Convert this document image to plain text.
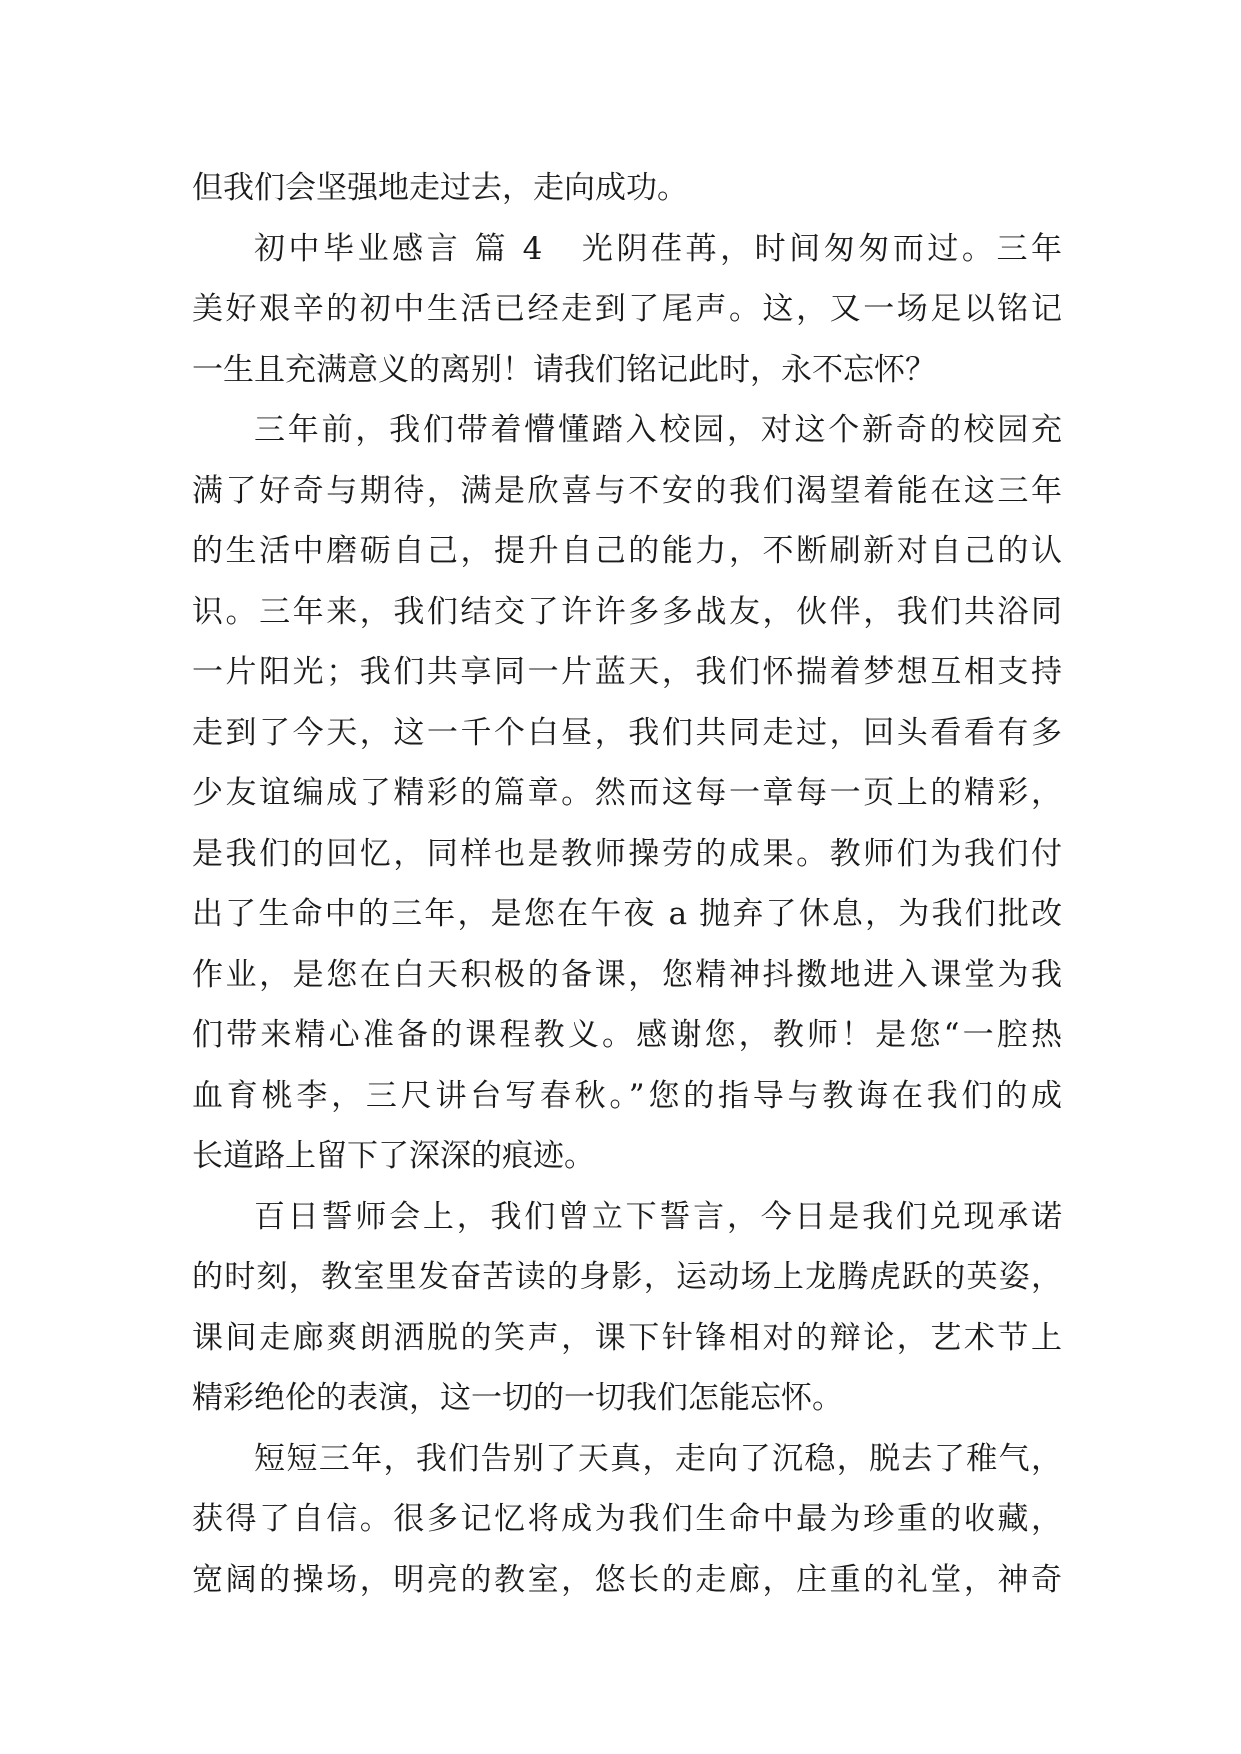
但我们会坚强地走过去，走向成功。
初中毕业感言 篇 4 光阴荏苒，时间匆匆而过。三年
美好艰辛的初中生活已经走到了尾声。这，又一场足以铭记
一生且充满意义的离别！请我们铭记此时，永不忘怀？
三年前，我们带着懵懂踏入校园，对这个新奇的校园充
满了好奇与期待，满是欣喜与不安的我们渴望着能在这三年
的生活中磨砺自己，提升自己的能力，不断刷新对自己的认
识。三年来，我们结交了许许多多战友，伙伴，我们共浴同
一片阳光；我们共享同一片蓝天，我们怀揣着梦想互相支持
走到了今天，这一千个白昼，我们共同走过，回头看看有多
少友谊编成了精彩的篇章。然而这每一章每一页上的精彩，
是我们的回忆，同样也是教师操劳的成果。教师们为我们付
出了生命中的三年，是您在午夜 a 抛弃了休息，为我们批改
作业，是您在白天积极的备课，您精神抖擞地进入课堂为我
们带来精心准备的课程教义。感谢您，教师！是您“一腔热
血育桃李，三尺讲台写春秋。”您的指导与教诲在我们的成
长道路上留下了深深的痕迹。
百日誓师会上，我们曾立下誓言，今日是我们兑现承诺
的时刻，教室里发奋苦读的身影，运动场上龙腾虎跃的英姿，
课间走廊爽朗洒脱的笑声，课下针锋相对的辩论，艺术节上
精彩绝伦的表演，这一切的一切我们怎能忘怀。
短短三年，我们告别了天真，走向了沉稳，脱去了稚气，
获得了自信。很多记忆将成为我们生命中最为珍重的收藏，
宽阔的操场，明亮的教室，悠长的走廊，庄重的礼堂，神奇
